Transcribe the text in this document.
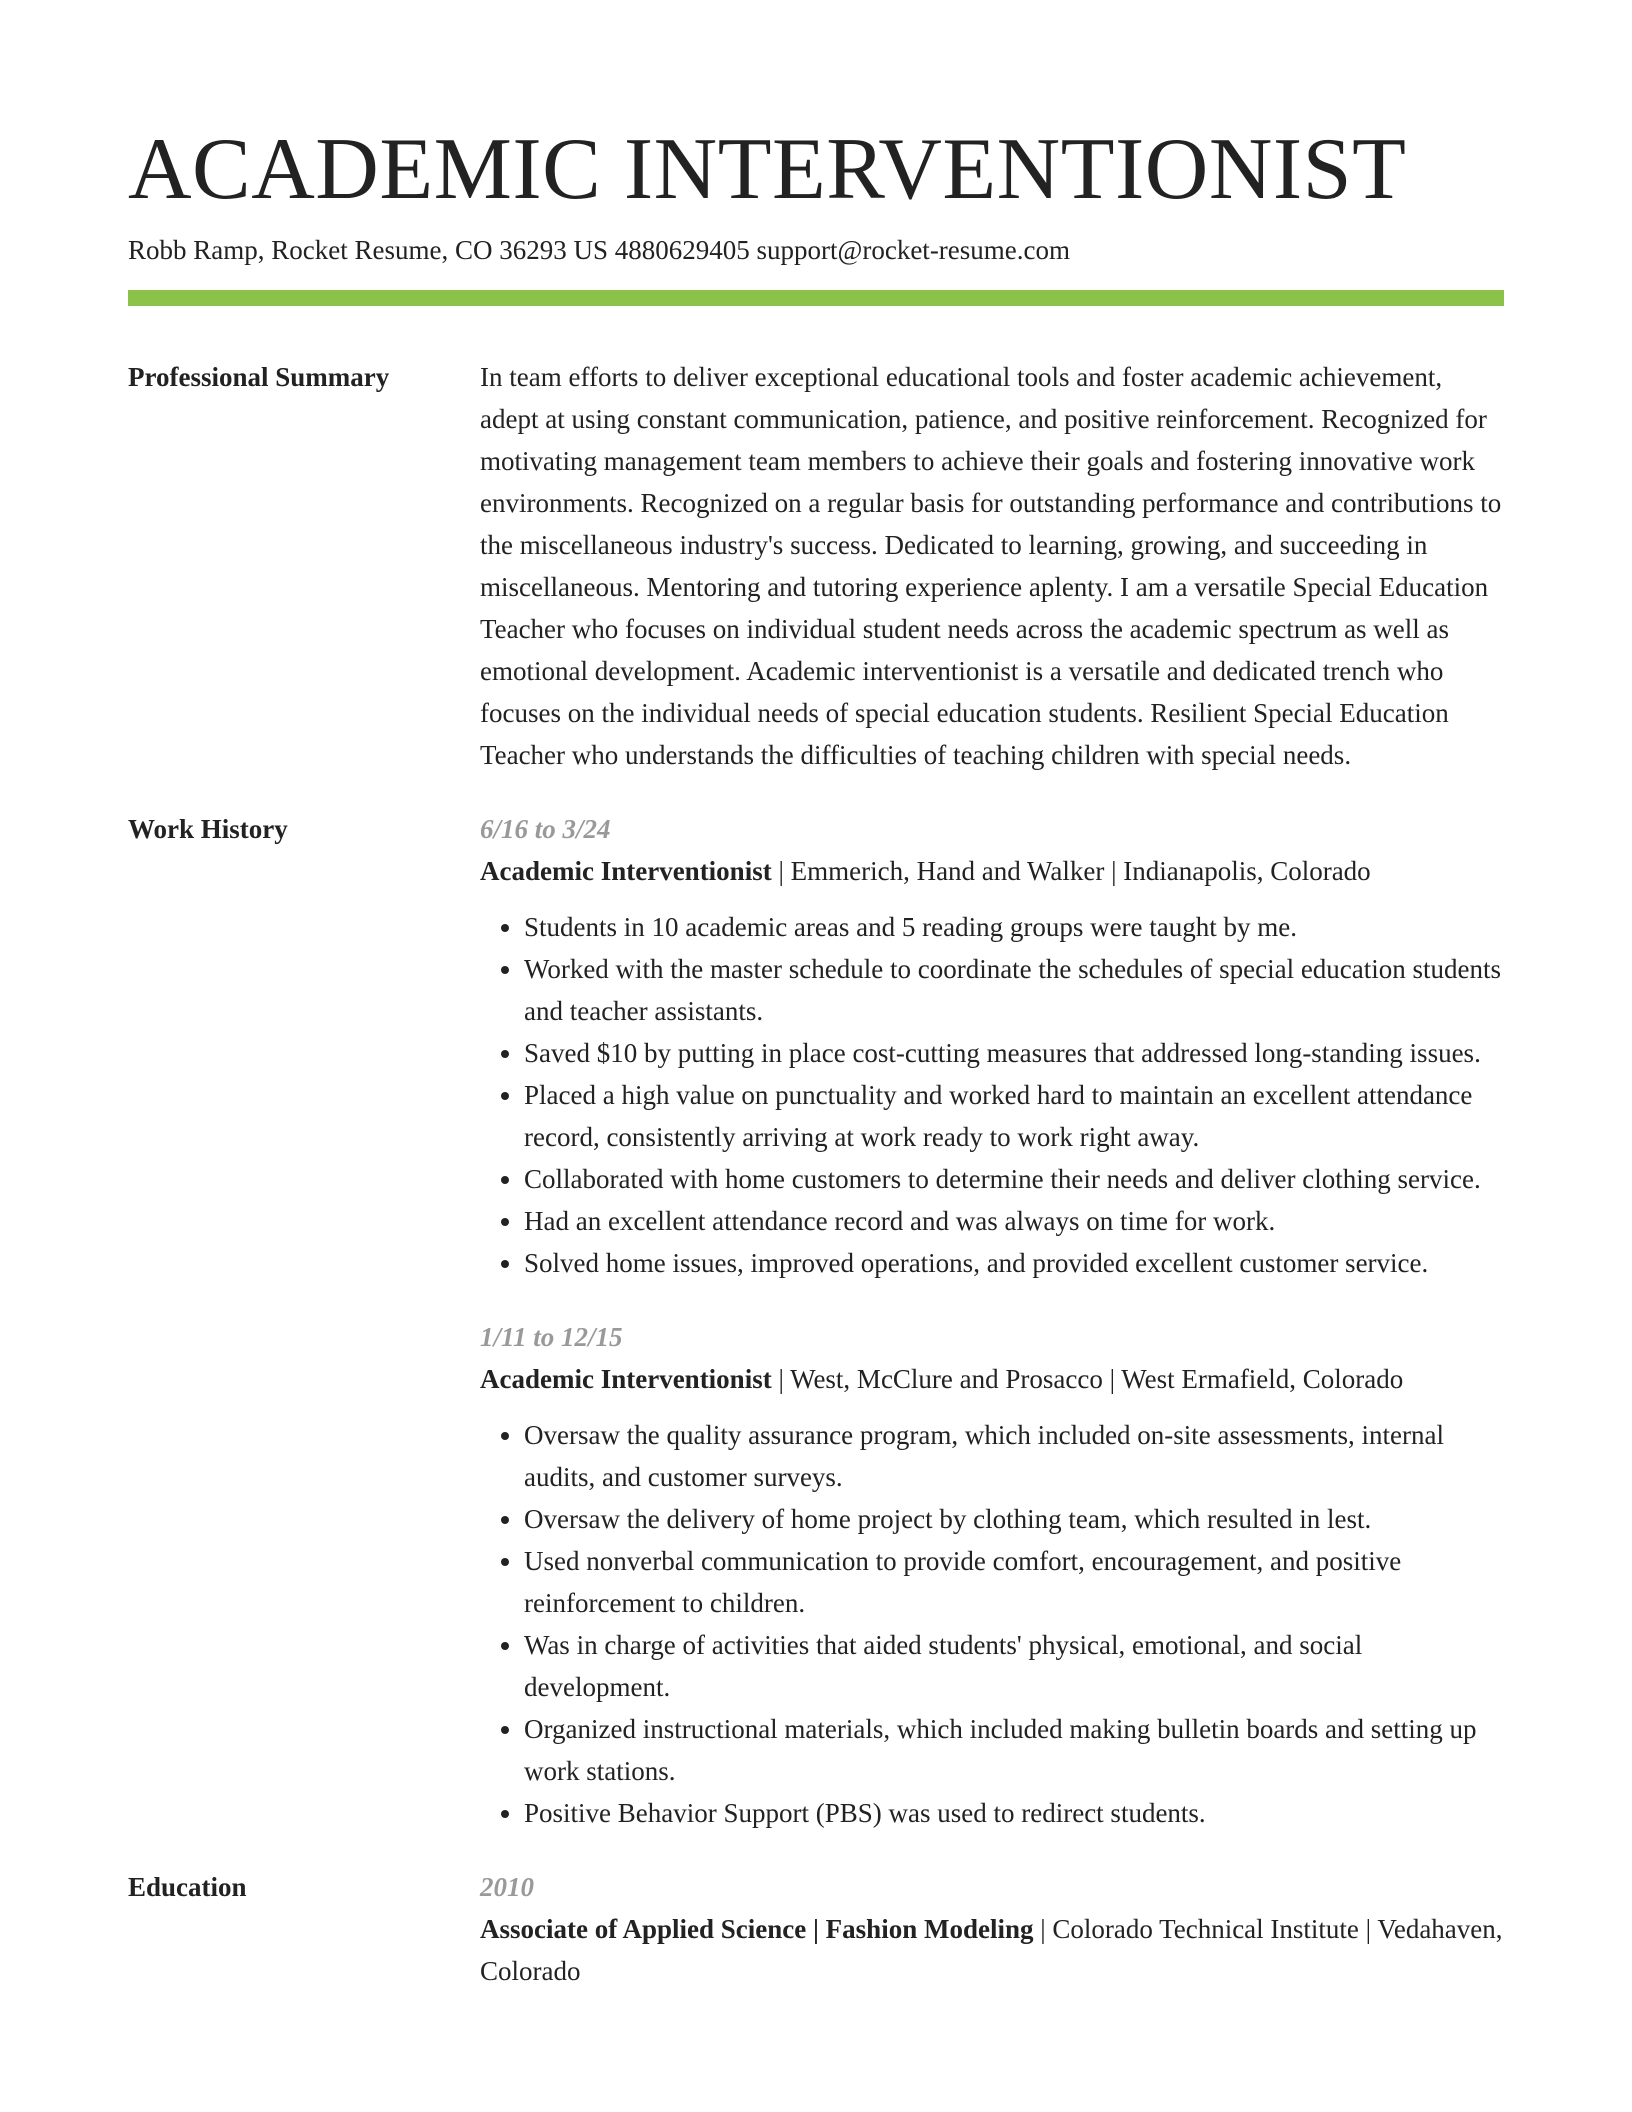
ACADEMIC INTERVENTIONIST
Robb Ramp, Rocket Resume, CO 36293 US 4880629405 support@rocket-resume.com
Professional Summary	In team efforts to deliver exceptional educational tools and foster academic achievement, adept at using constant communication, patience, and positive reinforcement. Recognized for motivating management team members to achieve their goals and fostering innovative work environments. Recognized on a regular basis for outstanding performance and contributions to the miscellaneous industry's success. Dedicated to learning, growing, and succeeding in miscellaneous. Mentoring and tutoring experience aplenty. I am a versatile Special Education Teacher who focuses on individual student needs across the academic spectrum as well as emotional development. Academic interventionist is a versatile and dedicated trench who focuses on the individual needs of special education students. Resilient Special Education Teacher who understands the difficulties of teaching children with special needs.

Work History	6/16 to 3/24
Academic Interventionist | Emmerich, Hand and Walker | Indianapolis, Colorado
• Students in 10 academic areas and 5 reading groups were taught by me.
• Worked with the master schedule to coordinate the schedules of special education students and teacher assistants.
• Saved $10 by putting in place cost-cutting measures that addressed long-standing issues.
• Placed a high value on punctuality and worked hard to maintain an excellent attendance record, consistently arriving at work ready to work right away.
• Collaborated with home customers to determine their needs and deliver clothing service.
• Had an excellent attendance record and was always on time for work.
• Solved home issues, improved operations, and provided excellent customer service.
1/11 to 12/15
Academic Interventionist | West, McClure and Prosacco | West Ermafield, Colorado
• Oversaw the quality assurance program, which included on-site assessments, internal audits, and customer surveys.
• Oversaw the delivery of home project by clothing team, which resulted in lest.
• Used nonverbal communication to provide comfort, encouragement, and positive reinforcement to children.
• Was in charge of activities that aided students' physical, emotional, and social development.
• Organized instructional materials, which included making bulletin boards and setting up work stations.
• Positive Behavior Support (PBS) was used to redirect students.
Education	2010
Associate of Applied Science | Fashion Modeling | Colorado Technical Institute | Vedahaven, Colorado
